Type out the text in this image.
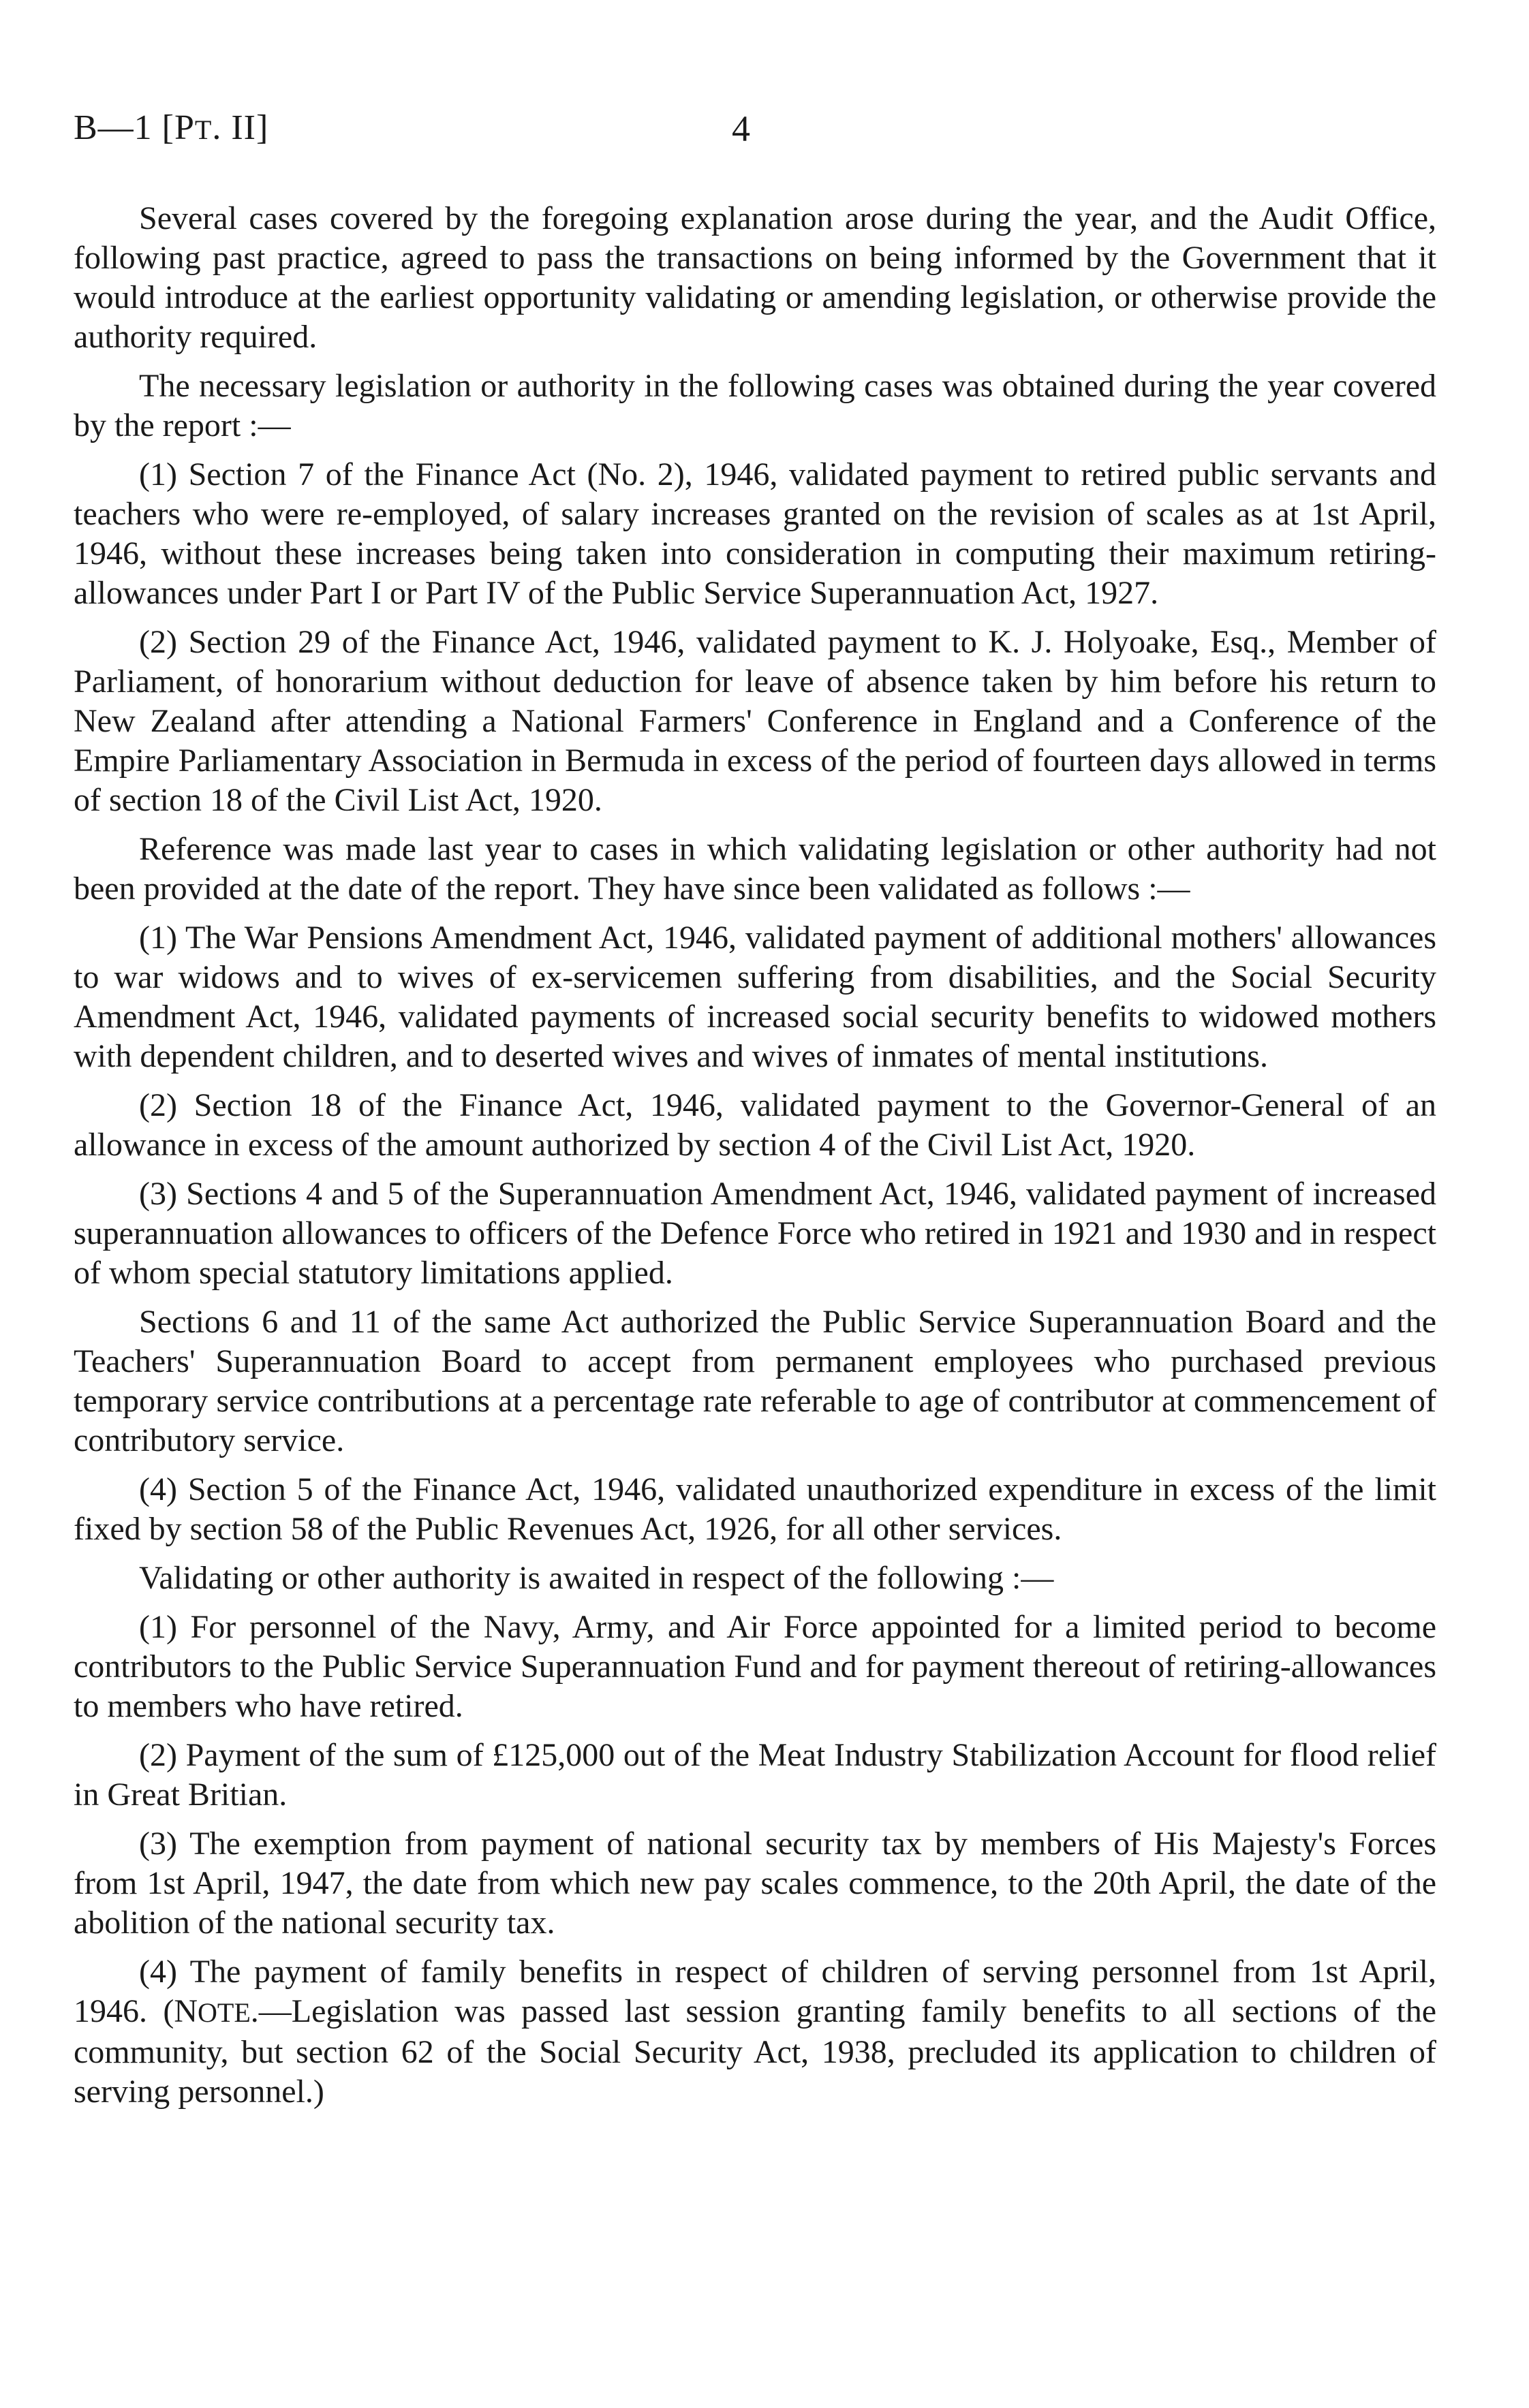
B—1 [PT. II]	4

Several cases covered by the foregoing explanation arose during the year, and the Audit Office, following past practice, agreed to pass the transactions on being informed by the Government that it would introduce at the earliest opportunity validating or amending legislation, or otherwise provide the authority required.

The necessary legislation or authority in the following cases was obtained during the year covered by the report :—

(1) Section 7 of the Finance Act (No. 2), 1946, validated payment to retired public servants and teachers who were re-employed, of salary increases granted on the revision of scales as at 1st April, 1946, without these increases being taken into consideration in computing their maximum retiring-allowances under Part I or Part IV of the Public Service Superannuation Act, 1927.

(2) Section 29 of the Finance Act, 1946, validated payment to K. J. Holyoake, Esq., Member of Parliament, of honorarium without deduction for leave of absence taken by him before his return to New Zealand after attending a National Farmers' Conference in England and a Conference of the Empire Parliamentary Association in Bermuda in excess of the period of fourteen days allowed in terms of section 18 of the Civil List Act, 1920.

Reference was made last year to cases in which validating legislation or other authority had not been provided at the date of the report. They have since been validated as follows :—

(1) The War Pensions Amendment Act, 1946, validated payment of additional mothers' allowances to war widows and to wives of ex-servicemen suffering from disabilities, and the Social Security Amendment Act, 1946, validated payments of increased social security benefits to widowed mothers with dependent children, and to deserted wives and wives of inmates of mental institutions.

(2) Section 18 of the Finance Act, 1946, validated payment to the Governor-General of an allowance in excess of the amount authorized by section 4 of the Civil List Act, 1920.

(3) Sections 4 and 5 of the Superannuation Amendment Act, 1946, validated payment of increased superannuation allowances to officers of the Defence Force who retired in 1921 and 1930 and in respect of whom special statutory limitations applied.

Sections 6 and 11 of the same Act authorized the Public Service Superannuation Board and the Teachers' Superannuation Board to accept from permanent employees who purchased previous temporary service contributions at a percentage rate referable to age of contributor at commencement of contributory service.

(4) Section 5 of the Finance Act, 1946, validated unauthorized expenditure in excess of the limit fixed by section 58 of the Public Revenues Act, 1926, for all other services.

Validating or other authority is awaited in respect of the following :—

(1) For personnel of the Navy, Army, and Air Force appointed for a limited period to become contributors to the Public Service Superannuation Fund and for payment thereout of retiring-allowances to members who have retired.

(2) Payment of the sum of £125,000 out of the Meat Industry Stabilization Account for flood relief in Great Britian.

(3) The exemption from payment of national security tax by members of His Majesty's Forces from 1st April, 1947, the date from which new pay scales commence, to the 20th April, the date of the abolition of the national security tax.

(4) The payment of family benefits in respect of children of serving personnel from 1st April, 1946. (NOTE.—Legislation was passed last session granting family benefits to all sections of the community, but section 62 of the Social Security Act, 1938, precluded its application to children of serving personnel.)
